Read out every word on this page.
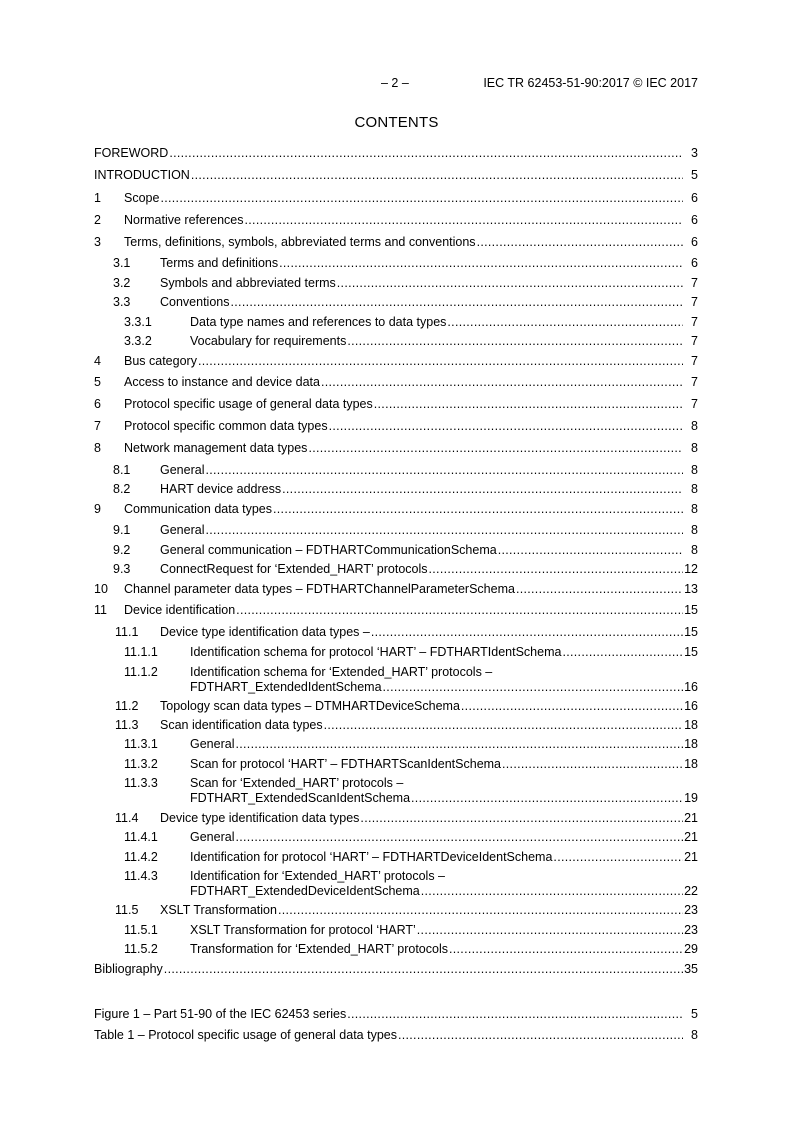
– 2 –	IEC TR 62453-51-90:2017 © IEC 2017
CONTENTS
FOREWORD .....	3
INTRODUCTION .....	5
1 Scope .....	6
2 Normative references .....	6
3 Terms, definitions, symbols, abbreviated terms and conventions .....	6
3.1 Terms and definitions .....	6
3.2 Symbols and abbreviated terms .....	7
3.3 Conventions .....	7
3.3.1	Data type names and references to data types .....	7
3.3.2	Vocabulary for requirements .....	7
4 Bus category .....	7
5 Access to instance and device data .....	7
6 Protocol specific usage of general data types .....	7
7 Protocol specific common data types .....	8
8 Network management data types .....	8
8.1 General .....	8
8.2 HART device address .....	8
9 Communication data types .....	8
9.1 General .....	8
9.2 General communication – FDTHARTCommunicationSchema .....	8
9.3 ConnectRequest for ‘Extended_HART’ protocols .....	12
10 Channel parameter data types – FDTHARTChannelParameterSchema .....	13
11 Device identification .....	15
11.1 Device type identification data types – .....	15
11.1.1	Identification schema for protocol ‘HART’ – FDTHARTIdentSchema .....	15
11.1.2	Identification schema for ‘Extended_HART’ protocols –
FDTHART_ExtendedIdentSchema .....	16
11.2 Topology scan data types – DTMHARTDeviceSchema .....	16
11.3 Scan identification data types .....	18
11.3.1	General .....	18
11.3.2	Scan for protocol ‘HART’ – FDTHARTScanIdentSchema .....	18
11.3.3	Scan for ‘Extended_HART’ protocols –
FDTHART_ExtendedScanIdentSchema .....	19
11.4 Device type identification data types .....	21
11.4.1	General .....	21
11.4.2	Identification for protocol ‘HART’ – FDTHARTDeviceIdentSchema .....	21
11.4.3	Identification for ‘Extended_HART’ protocols –
FDTHART_ExtendedDeviceIdentSchema .....	22
11.5 XSLT Transformation .....	23
11.5.1	XSLT Transformation for protocol ‘HART’ .....	23
11.5.2	Transformation for ‘Extended_HART’ protocols .....	29
Bibliography .....	35
Figure 1 – Part 51-90 of the IEC 62453 series .....	5
Table 1 – Protocol specific usage of general data types .....	8
